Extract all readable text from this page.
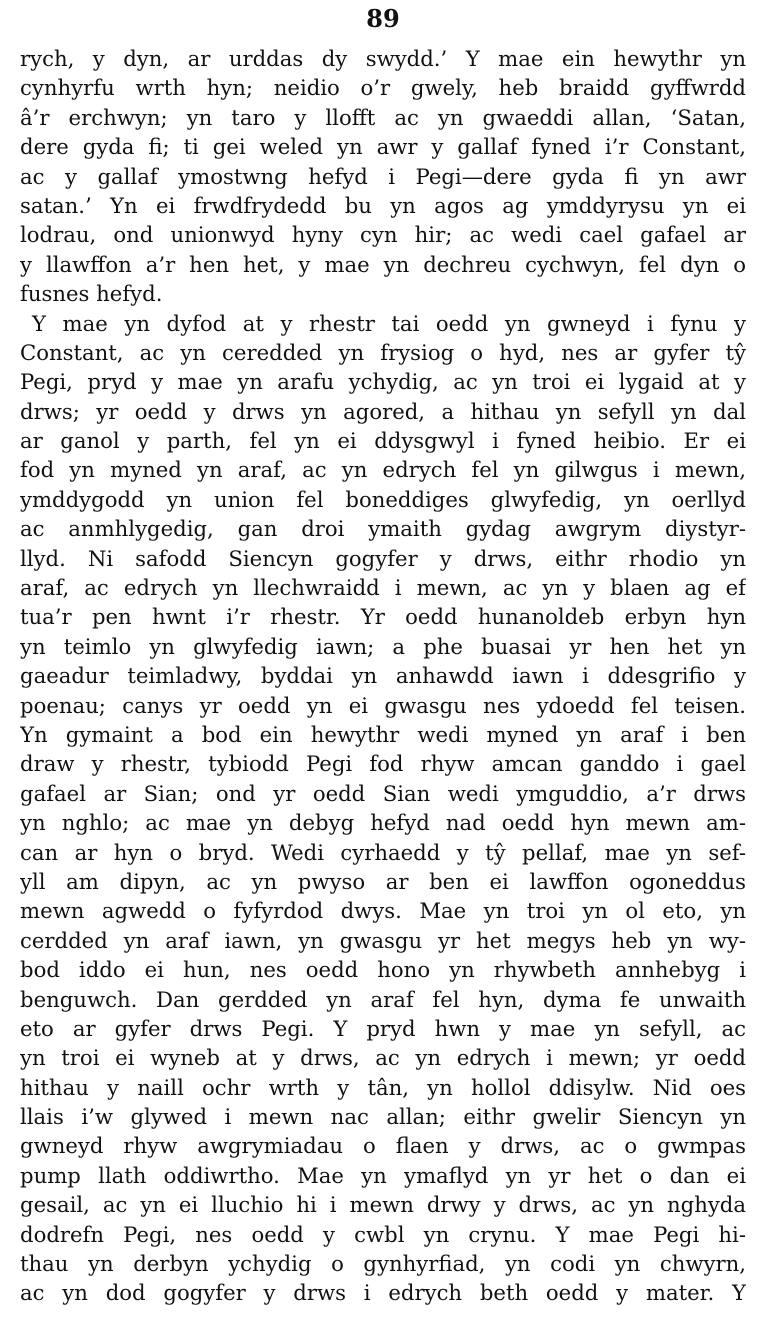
89
rych, y dyn, ar urddas dy swydd.’ Y mae ein hewythr yn
cynhyrfu wrth hyn; neidio o’r gwely, heb braidd gyffwrdd
â’r erchwyn; yn taro y llofft ac yn gwaeddi allan, ‘Satan,
dere gyda fi; ti gei weled yn awr y gallaf fyned i’r Constant,
ac y gallaf ymostwng hefyd i Pegi—dere gyda fi yn awr
satan.’ Yn ei frwdfrydedd bu yn agos ag ymddyrysu yn ei
lodrau, ond unionwyd hyny cyn hir; ac wedi cael gafael ar
y llawffon a’r hen het, y mae yn dechreu cychwyn, fel dyn o
fusnes hefyd.
Y mae yn dyfod at y rhestr tai oedd yn gwneyd i fynu y
Constant, ac yn ceredded yn frysiog o hyd, nes ar gyfer tŷ
Pegi, pryd y mae yn arafu ychydig, ac yn troi ei lygaid at y
drws; yr oedd y drws yn agored, a hithau yn sefyll yn dal
ar ganol y parth, fel yn ei ddysgwyl i fyned heibio. Er ei
fod yn myned yn araf, ac yn edrych fel yn gilwgus i mewn,
ymddygodd yn union fel boneddiges glwyfedig, yn oerllyd
ac anmhlygedig, gan droi ymaith gydag awgrym diystyr-
llyd. Ni safodd Siencyn gogyfer y drws, eithr rhodio yn
araf, ac edrych yn llechwraidd i mewn, ac yn y blaen ag ef
tua’r pen hwnt i’r rhestr. Yr oedd hunanoldeb erbyn hyn
yn teimlo yn glwyfedig iawn; a phe buasai yr hen het yn
gaeadur teimladwy, byddai yn anhawdd iawn i ddesgrifio y
poenau; canys yr oedd yn ei gwasgu nes ydoedd fel teisen.
Yn gymaint a bod ein hewythr wedi myned yn araf i ben
draw y rhestr, tybiodd Pegi fod rhyw amcan ganddo i gael
gafael ar Sian; ond yr oedd Sian wedi ymguddio, a’r drws
yn nghlo; ac mae yn debyg hefyd nad oedd hyn mewn am-
can ar hyn o bryd. Wedi cyrhaedd y tŷ pellaf, mae yn sef-
yll am dipyn, ac yn pwyso ar ben ei lawffon ogoneddus
mewn agwedd o fyfyrdod dwys. Mae yn troi yn ol eto, yn
cerdded yn araf iawn, yn gwasgu yr het megys heb yn wy-
bod iddo ei hun, nes oedd hono yn rhywbeth annhebyg i
benguwch. Dan gerdded yn araf fel hyn, dyma fe unwaith
eto ar gyfer drws Pegi. Y pryd hwn y mae yn sefyll, ac
yn troi ei wyneb at y drws, ac yn edrych i mewn; yr oedd
hithau y naill ochr wrth y tân, yn hollol ddisylw. Nid oes
llais i’w glywed i mewn nac allan; eithr gwelir Siencyn yn
gwneyd rhyw awgrymiadau o flaen y drws, ac o gwmpas
pump llath oddiwrtho. Mae yn ymaflyd yn yr het o dan ei
gesail, ac yn ei lluchio hi i mewn drwy y drws, ac yn nghyda
dodrefn Pegi, nes oedd y cwbl yn crynu. Y mae Pegi hi-
thau yn derbyn ychydig o gynhyrfiad, yn codi yn chwyrn,
ac yn dod gogyfer y drws i edrych beth oedd y mater. Y
